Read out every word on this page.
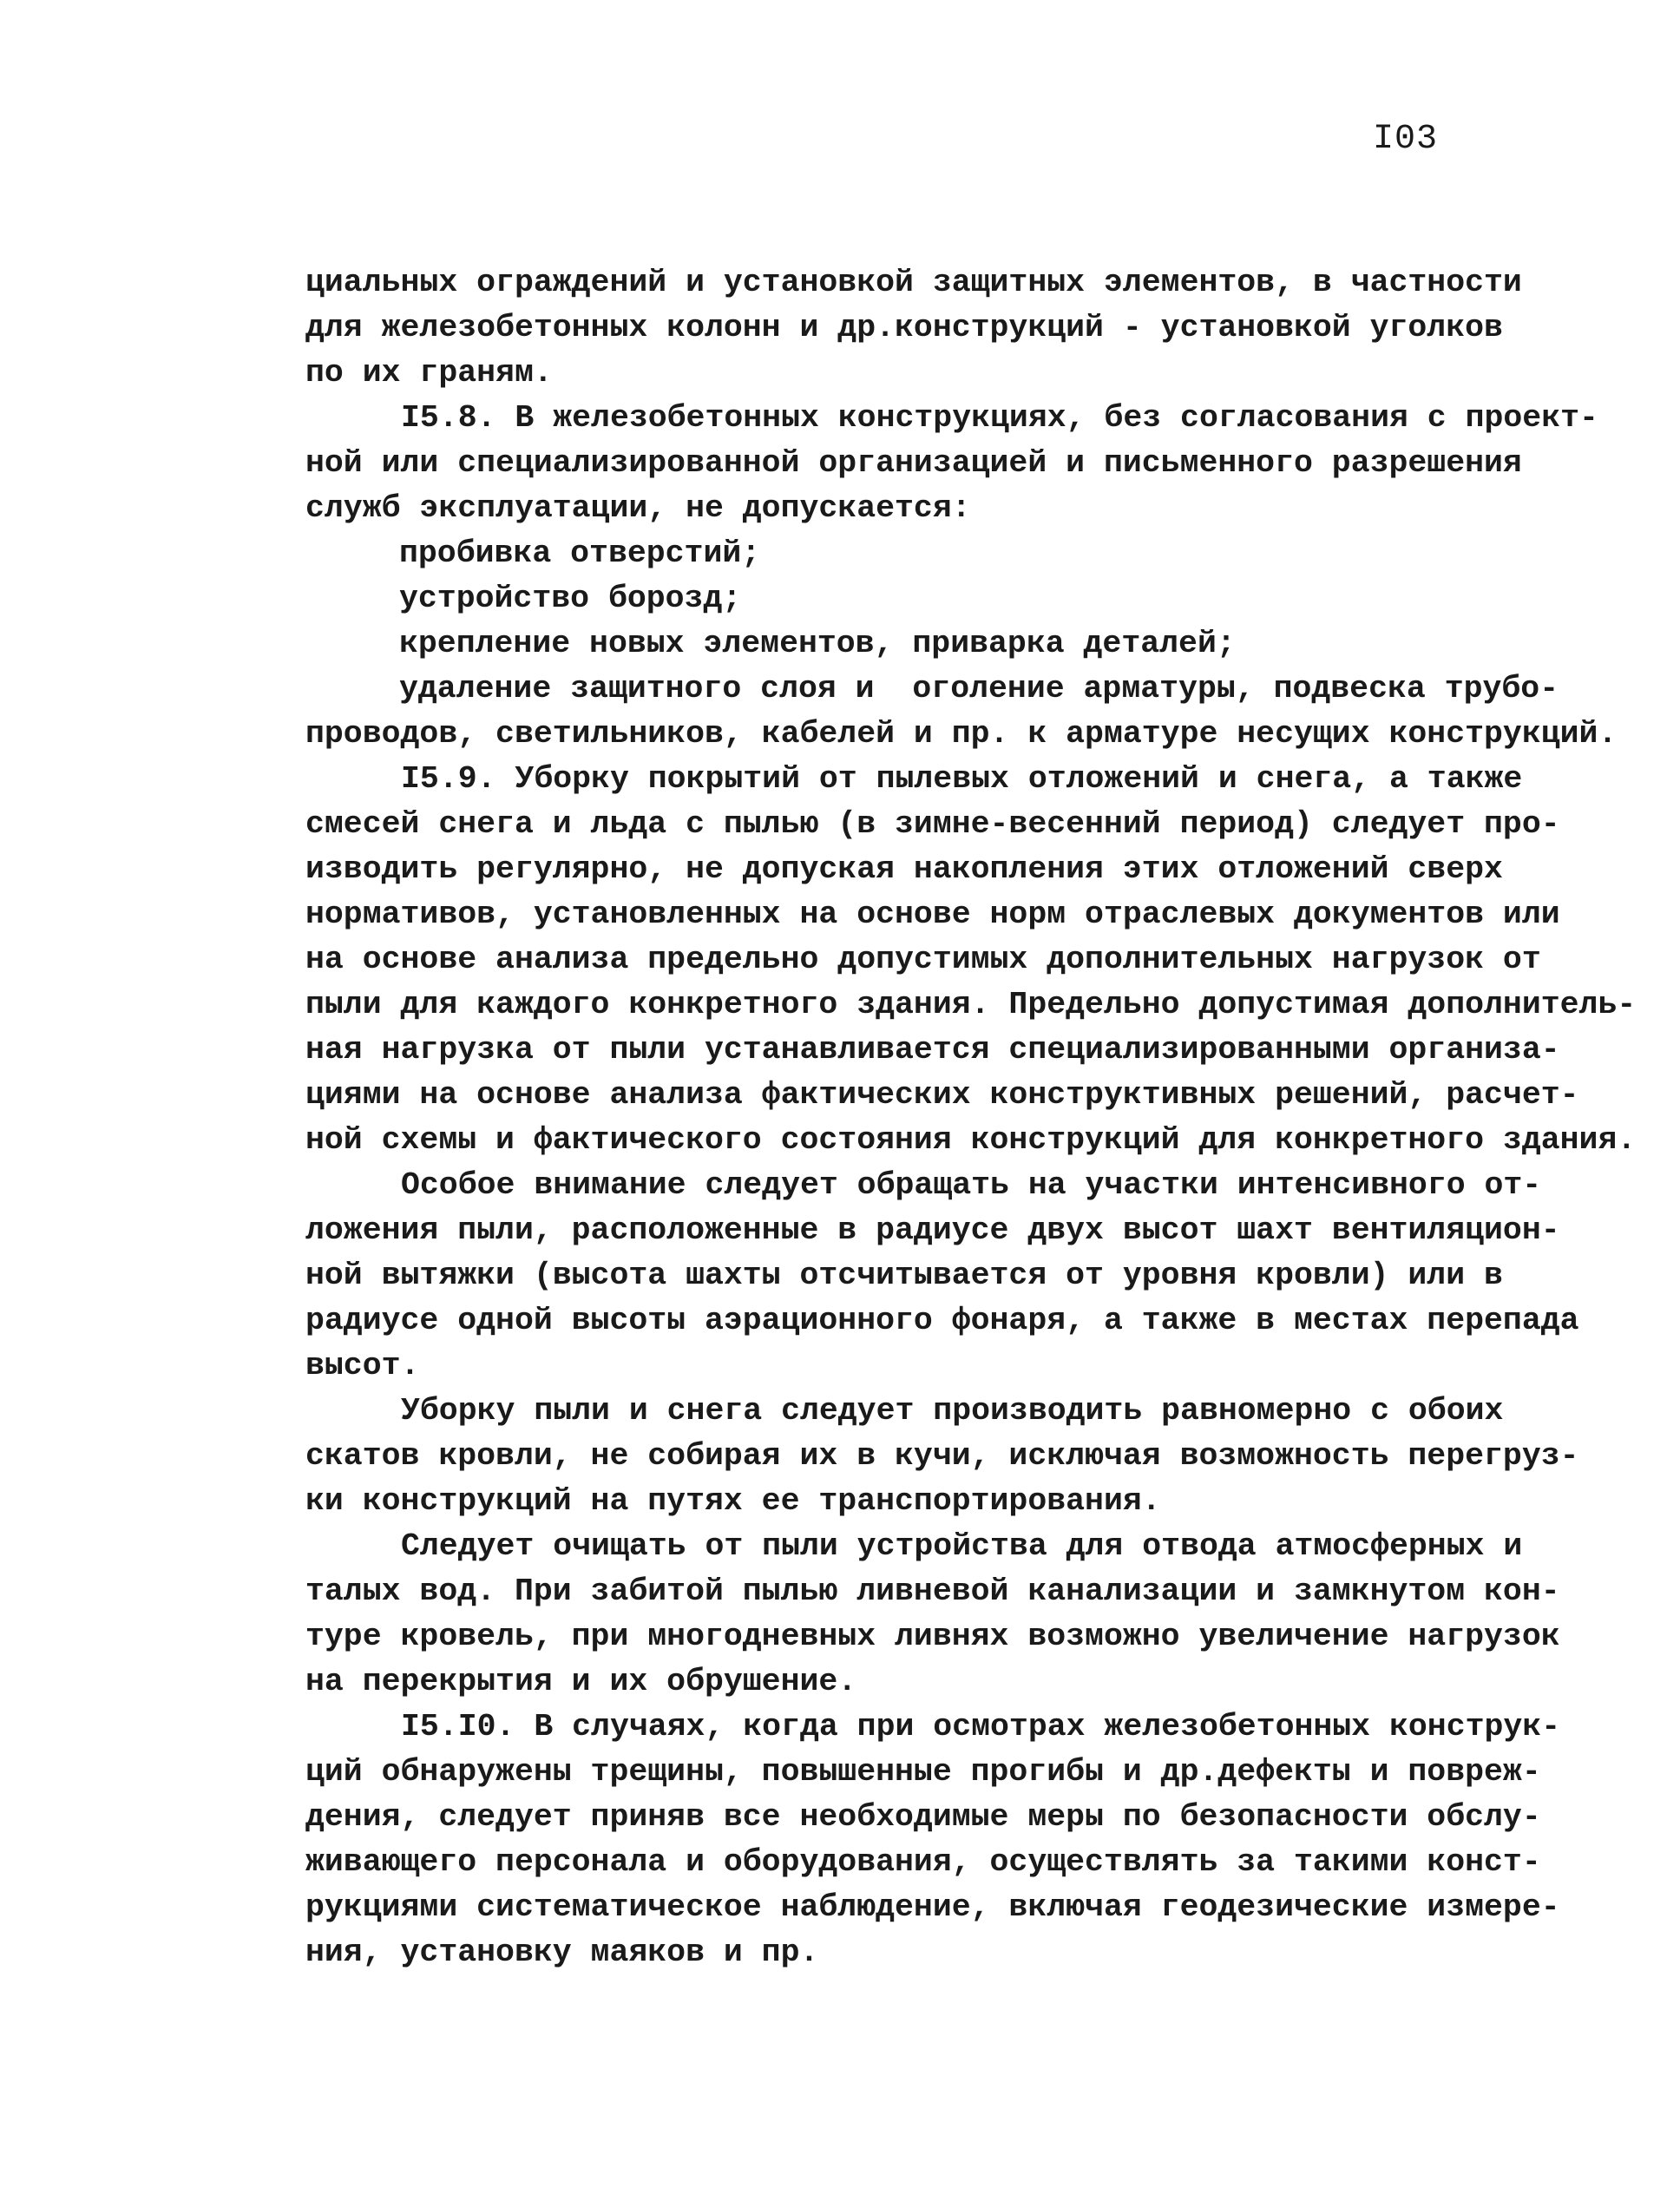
I03
циальных ограждений и установкой защитных элементов, в частности
для железобетонных колонн и др.конструкций - установкой уголков
по их граням.
I5.8. В железобетонных конструкциях, без согласования с проект-
ной или специализированной организацией и письменного разрешения
служб эксплуатации, не допускается:
пробивка отверстий;
устройство борозд;
крепление новых элементов, приварка деталей;
удаление защитного слоя и  оголение арматуры, подвеска трубо-
проводов, светильников, кабелей и пр. к арматуре несущих конструкций.
I5.9. Уборку покрытий от пылевых отложений и снега, а также
смесей снега и льда с пылью (в зимне-весенний период) следует про-
изводить регулярно, не допуская накопления этих отложений сверх
нормативов, установленных на основе норм отраслевых документов или
на основе анализа предельно допустимых дополнительных нагрузок от
пыли для каждого конкретного здания. Предельно допустимая дополнитель-
ная нагрузка от пыли устанавливается специализированными организа-
циями на основе анализа фактических конструктивных решений, расчет-
ной схемы и фактического состояния конструкций для конкретного здания.
Особое внимание следует обращать на участки интенсивного от-
ложения пыли, расположенные в радиусе двух высот шахт вентиляцион-
ной вытяжки (высота шахты отсчитывается от уровня кровли) или в
радиусе одной высоты аэрационного фонаря, а также в местах перепада
высот.
Уборку пыли и снега следует производить равномерно с обоих
скатов кровли, не собирая их в кучи, исключая возможность перегруз-
ки конструкций на путях ее транспортирования.
Следует очищать от пыли устройства для отвода атмосферных и
талых вод. При забитой пылью ливневой канализации и замкнутом кон-
туре кровель, при многодневных ливнях возможно увеличение нагрузок
на перекрытия и их обрушение.
I5.I0. В случаях, когда при осмотрах железобетонных конструк-
ций обнаружены трещины, повышенные прогибы и др.дефекты и повреж-
дения, следует приняв все необходимые меры по безопасности обслу-
живающего персонала и оборудования, осуществлять за такими конст-
рукциями систематическое наблюдение, включая геодезические измере-
ния, установку маяков и пр.
